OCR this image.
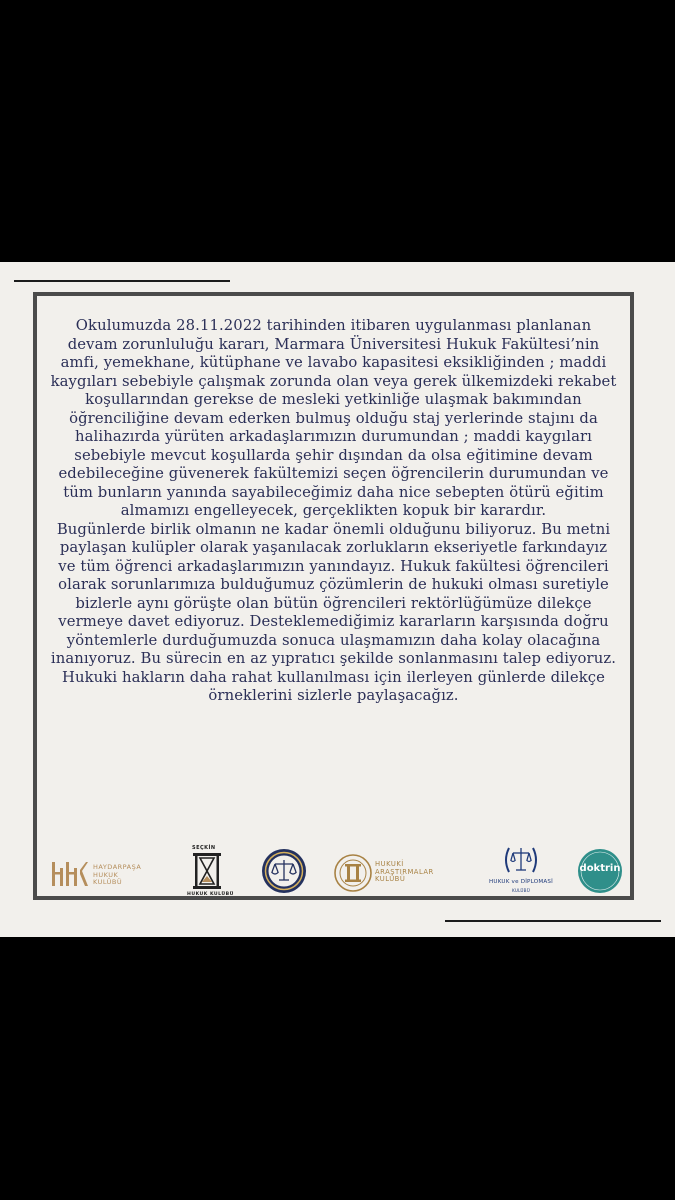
Okulumuzda 28.11.2022 tarihinden itibaren uygulanması planlanan devam zorunluluğu kararı, Marmara Üniversitesi Hukuk Fakültesi’nin amfi, yemekhane, kütüphane ve lavabo kapasitesi eksikliğinden ; maddi kaygıları sebebiyle çalışmak zorunda olan veya gerek ülkemizdeki rekabet koşullarından gerekse de mesleki yetkinliğe ulaşmak bakımından öğrenciliğine devam ederken bulmuş olduğu staj yerlerinde stajını da halihazırda yürüten arkadaşlarımızın durumundan ; maddi kaygıları sebebiyle mevcut koşullarda şehir dışından da olsa eğitimine devam edebileceğine güvenerek fakültemizi seçen öğrencilerin durumundan ve tüm bunların yanında sayabileceğimiz daha nice sebepten ötürü eğitim almamızı engelleyecek, gerçeklikten kopuk bir karardır.

Bugünlerde birlik olmanın ne kadar önemli olduğunu biliyoruz. Bu metni paylaşan kulüpler olarak yaşanılacak zorlukların ekseriyetle farkındayız ve tüm öğrenci arkadaşlarımızın yanındayız. Hukuk fakültesi öğrencileri olarak sorunlarımıza bulduğumuz çözümlerin de hukuki olması suretiyle bizlerle aynı görüşte olan bütün öğrencileri rektörlüğümüze dilekçe vermeye davet ediyoruz. Desteklemediğimiz kararların karşısında doğru yöntemlerle durduğumuzda sonuca ulaşmamızın daha kolay olacağına inanıyoruz. Bu sürecin en az yıpratıcı şekilde sonlanmasını talep ediyoruz. Hukuki hakların daha rahat kullanılması için ilerleyen günlerde dilekçe örneklerini sizlerle paylaşacağız.

HAYDARPAŞA
HUKUK
KULÜBÜ
SEÇKİN
HUKUK KULÜBÜ
HUKUKİ
ARAŞTIRMALAR
KULÜBÜ	HUKUK ve DİPLOMASİ
KULÜBÜ
doktrin
